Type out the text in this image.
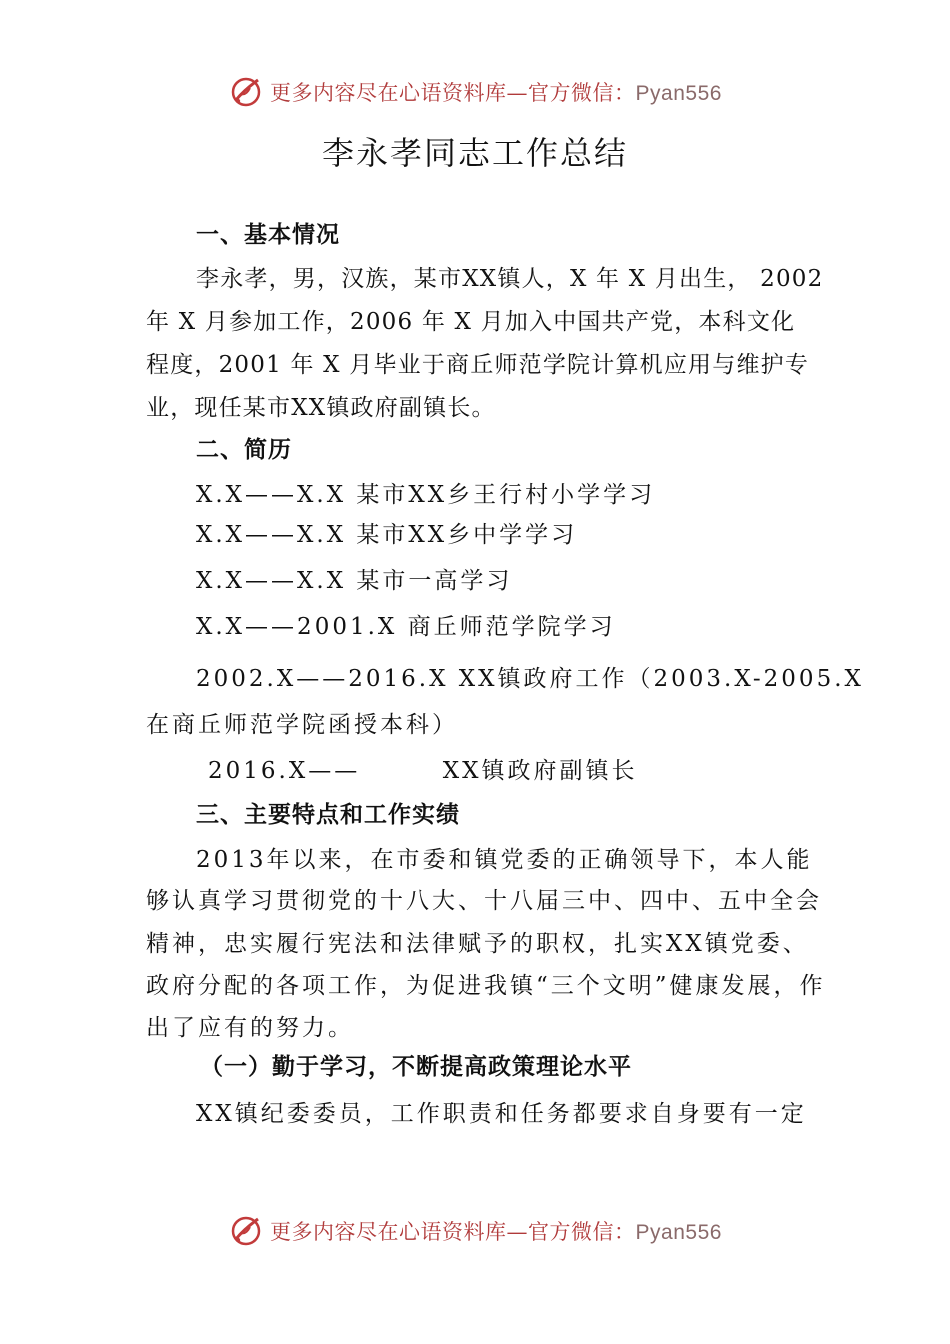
更多内容尽在心语资料库—官方微信：Pyan556
李永孝同志工作总结
一、基本情况
李永孝，男，汉族，某市XX镇人，X 年 X 月出生， 2002
年 X 月参加工作，2006 年 X 月加入中国共产党，本科文化
程度，2001 年 X 月毕业于商丘师范学院计算机应用与维护专
业，现任某市XX镇政府副镇长。
二、简历
X.X——X.X 某市XX乡王行村小学学习
X.X——X.X 某市XX乡中学学习
X.X——X.X 某市一高学习
X.X——2001.X 商丘师范学院学习
2002.X——2016.X XX镇政府工作（2003.X-2005.X
在商丘师范学院函授本科）
2016.X——        XX镇政府副镇长
三、主要特点和工作实绩
2013年以来，在市委和镇党委的正确领导下，本人能
够认真学习贯彻党的十八大、十八届三中、四中、五中全会
精神，忠实履行宪法和法律赋予的职权，扎实XX镇党委、
政府分配的各项工作，为促进我镇“三个文明”健康发展，作
出了应有的努力。
（一）勤于学习，不断提高政策理论水平
XX镇纪委委员，工作职责和任务都要求自身要有一定
更多内容尽在心语资料库—官方微信：Pyan556
